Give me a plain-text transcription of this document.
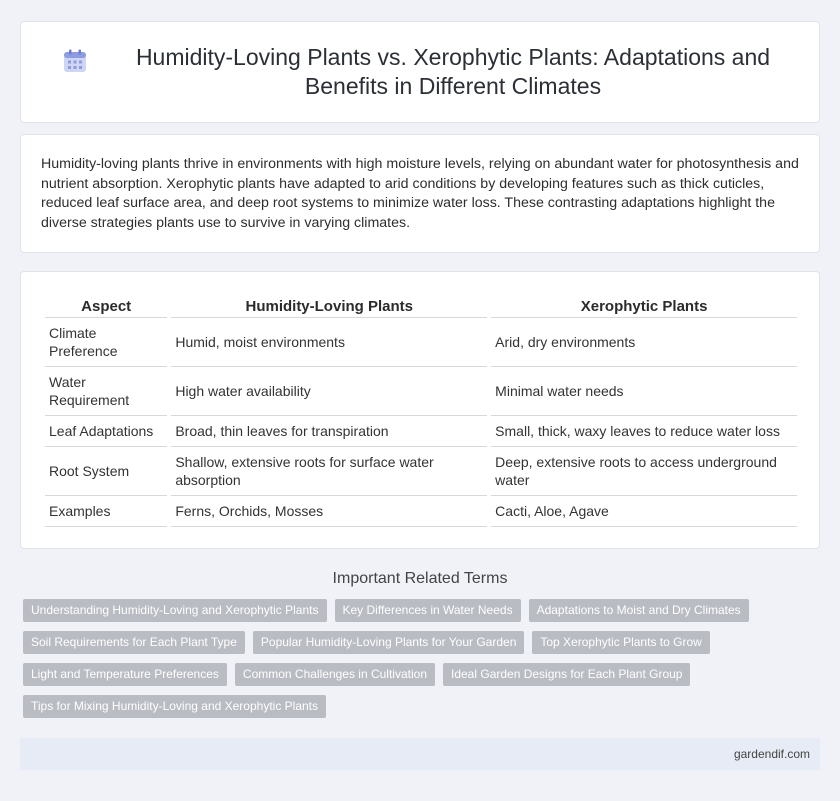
Humidity-Loving Plants vs. Xerophytic Plants: Adaptations and Benefits in Different Climates

Humidity-loving plants thrive in environments with high moisture levels, relying on abundant water for photosynthesis and nutrient absorption. Xerophytic plants have adapted to arid conditions by developing features such as thick cuticles, reduced leaf surface area, and deep root systems to minimize water loss. These contrasting adaptations highlight the diverse strategies plants use to survive in varying climates.

Aspect	Humidity-Loving Plants	Xerophytic Plants
Climate Preference	Humid, moist environments	Arid, dry environments
Water Requirement	High water availability	Minimal water needs
Leaf Adaptations	Broad, thin leaves for transpiration	Small, thick, waxy leaves to reduce water loss
Root System	Shallow, extensive roots for surface water absorption	Deep, extensive roots to access underground water
Examples	Ferns, Orchids, Mosses	Cacti, Aloe, Agave
Important Related Terms
Understanding Humidity-Loving and Xerophytic Plants	Key Differences in Water Needs	Adaptations to Moist and Dry Climates
Soil Requirements for Each Plant Type	Popular Humidity-Loving Plants for Your Garden	Top Xerophytic Plants to Grow
Light and Temperature Preferences	Common Challenges in Cultivation	Ideal Garden Designs for Each Plant Group
Tips for Mixing Humidity-Loving and Xerophytic Plants
gardendif.com
